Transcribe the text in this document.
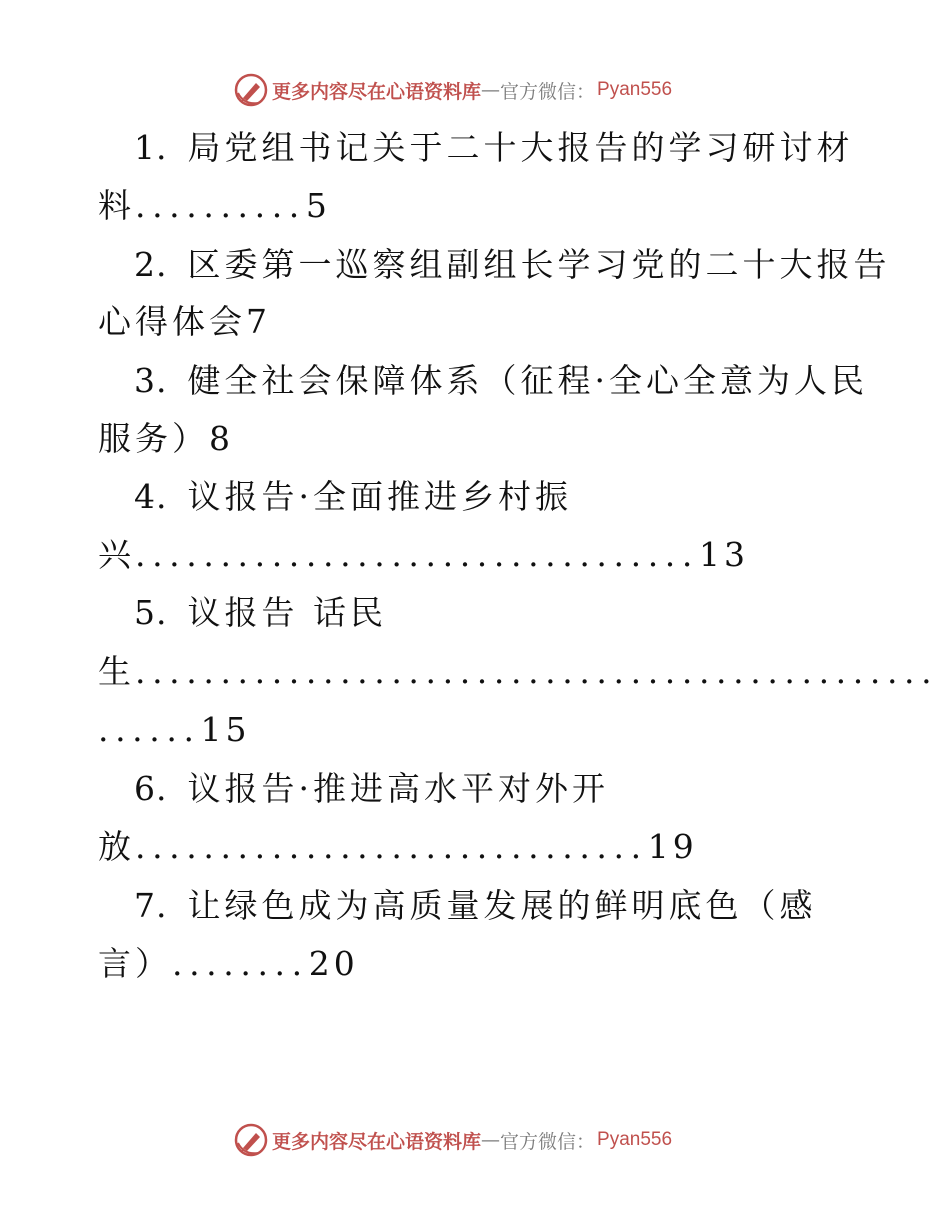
更多内容尽在心语资料库 — 官方微信： Pyan556
1. 局党组书记关于二十大报告的学习研讨材
料..........5
2. 区委第一巡察组副组长学习党的二十大报告
心得体会7
3. 健全社会保障体系（征程·全心全意为人民
服务）8
4. 议报告·全面推进乡村振
兴.................................13
5. 议报告 话民
生...............................................
......15
6. 议报告·推进高水平对外开
放..............................19
7. 让绿色成为高质量发展的鲜明底色（感
言）........20
更多内容尽在心语资料库 — 官方微信： Pyan556
